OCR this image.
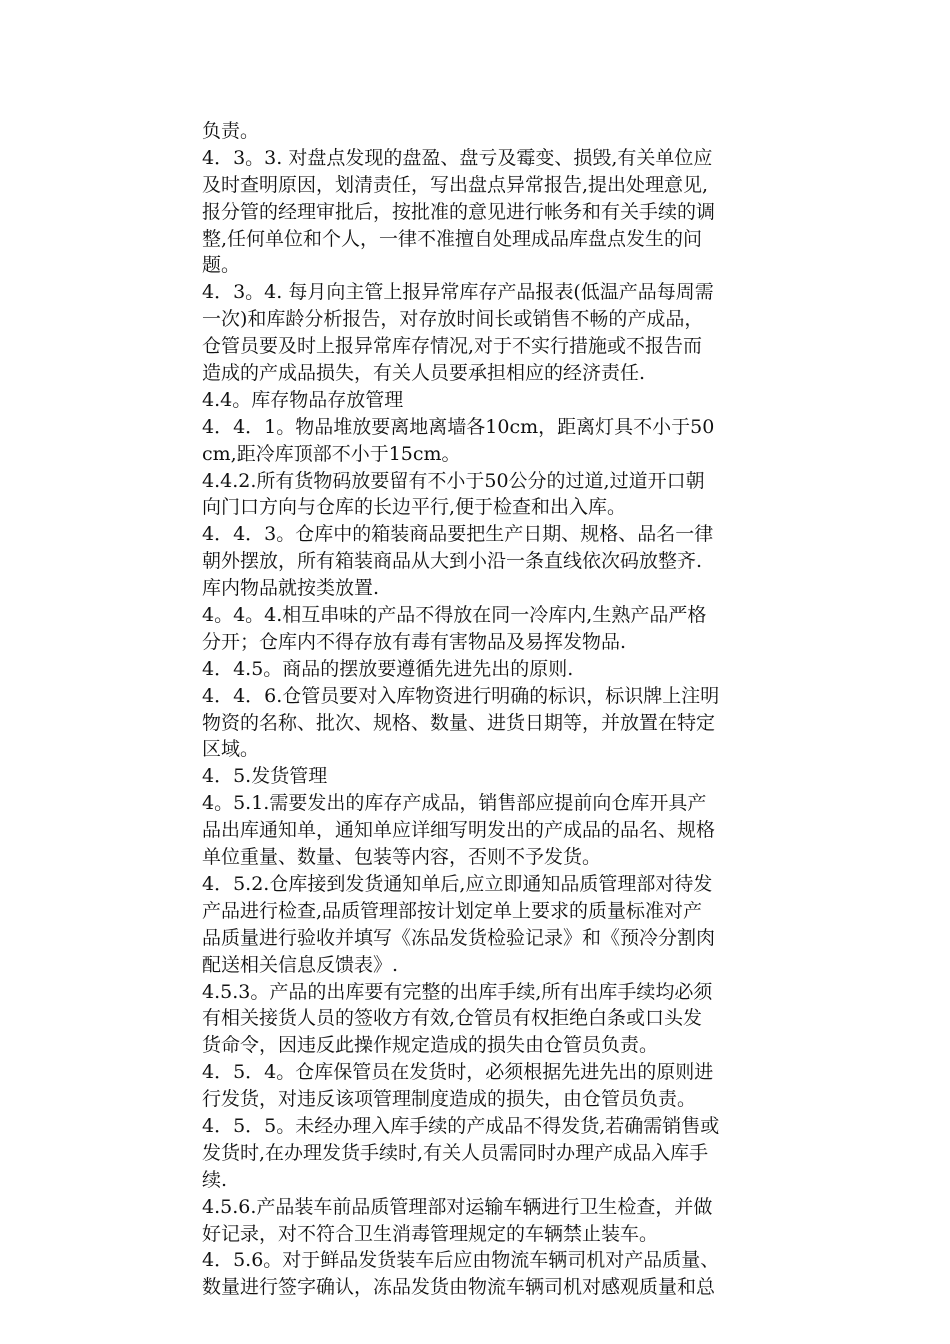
负责。
4．3。3. 对盘点发现的盘盈、盘亏及霉变、损毁,有关单位应
及时查明原因，划清责任，写出盘点异常报告,提出处理意见,
报分管的经理审批后，按批准的意见进行帐务和有关手续的调
整,任何单位和个人，一律不准擅自处理成品库盘点发生的问
题。
4．3。4. 每月向主管上报异常库存产品报表(低温产品每周需
一次)和库龄分析报告，对存放时间长或销售不畅的产成品，
仓管员要及时上报异常库存情况,对于不实行措施或不报告而
造成的产成品损失，有关人员要承担相应的经济责任.
4.4。库存物品存放管理
4．4．1。物品堆放要离地离墙各10cm，距离灯具不小于50
cm,距冷库顶部不小于15cm。
4.4.2.所有货物码放要留有不小于50公分的过道,过道开口朝
向门口方向与仓库的长边平行,便于检查和出入库。
4．4．3。仓库中的箱装商品要把生产日期、规格、品名一律
朝外摆放，所有箱装商品从大到小沿一条直线依次码放整齐.
库内物品就按类放置.
4。4。4.相互串味的产品不得放在同一冷库内,生熟产品严格
分开；仓库内不得存放有毒有害物品及易挥发物品.
4．4.5。商品的摆放要遵循先进先出的原则.
4．4．6.仓管员要对入库物资进行明确的标识，标识牌上注明
物资的名称、批次、规格、数量、进货日期等，并放置在特定
区域。
4．5.发货管理
4。5.1.需要发出的库存产成品，销售部应提前向仓库开具产
品出库通知单，通知单应详细写明发出的产成品的品名、规格
单位重量、数量、包装等内容，否则不予发货。
4．5.2.仓库接到发货通知单后,应立即通知品质管理部对待发
产品进行检查,品质管理部按计划定单上要求的质量标准对产
品质量进行验收并填写《冻品发货检验记录》和《预冷分割肉
配送相关信息反馈表》.
4.5.3。产品的出库要有完整的出库手续,所有出库手续均必须
有相关接货人员的签收方有效,仓管员有权拒绝白条或口头发
货命令，因违反此操作规定造成的损失由仓管员负责。
4．5．4。仓库保管员在发货时，必须根据先进先出的原则进
行发货，对违反该项管理制度造成的损失，由仓管员负责。
4．5．5。未经办理入库手续的产成品不得发货,若确需销售或
发货时,在办理发货手续时,有关人员需同时办理产成品入库手
续.
4.5.6.产品装车前品质管理部对运输车辆进行卫生检查，并做
好记录，对不符合卫生消毒管理规定的车辆禁止装车。
4．5.6。对于鲜品发货装车后应由物流车辆司机对产品质量、
数量进行签字确认，冻品发货由物流车辆司机对感观质量和总
